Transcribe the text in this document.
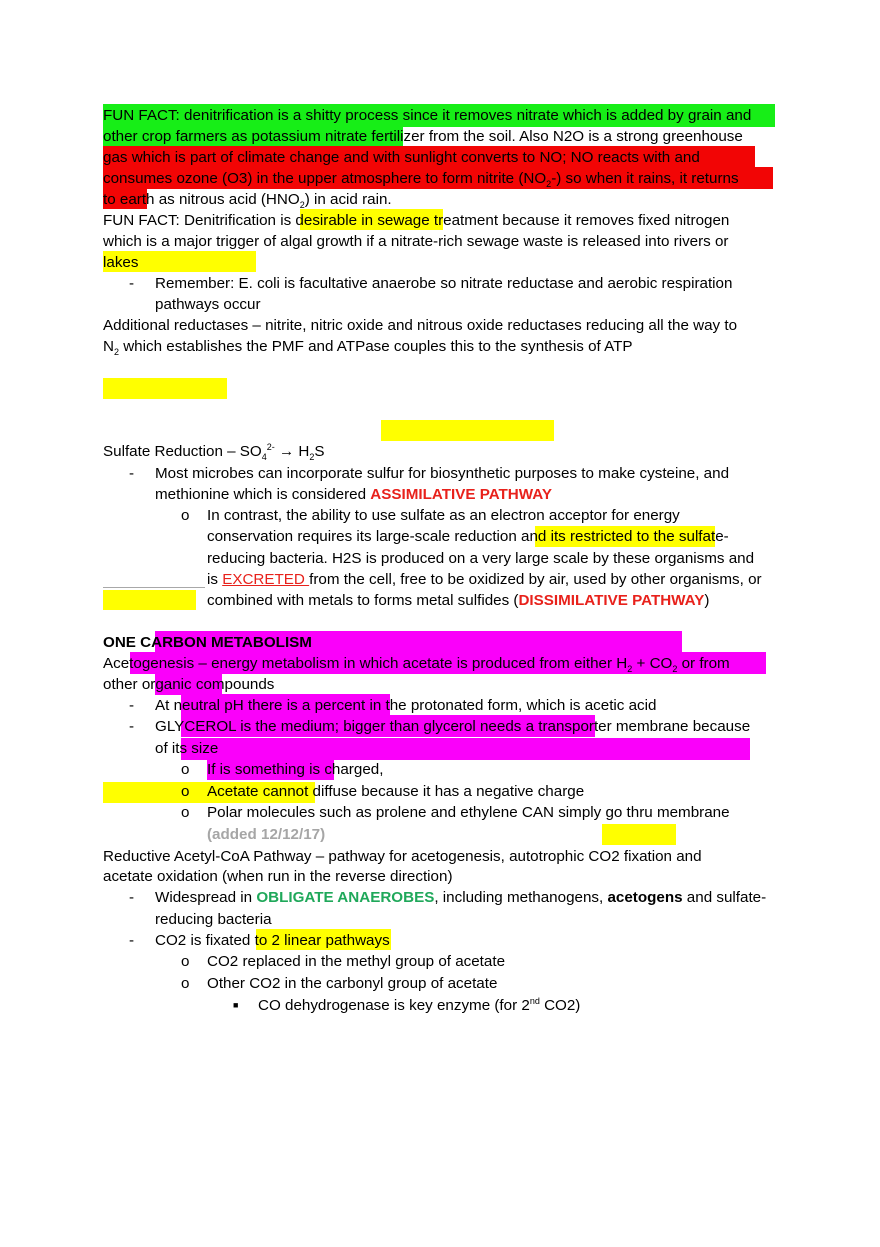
FUN FACT: denitrification is a shitty process since it removes nitrate which is added by grain and
other crop farmers as potassium nitrate fertilizer from the soil. Also N2O is a strong greenhouse
gas which is part of climate change and with sunlight converts to NO; NO reacts with and
consumes ozone (O3) in the upper atmosphere to form nitrite $(NO_2-)$ so when it rains, it returns
to earth as nitrous acid $(HNO_2)$ in acid rain.
FUN FACT: Denitrification is desirable in sewage treatment because it removes fixed nitrogen
which is a major trigger of algal growth if a nitrate-rich sewage waste is released into rivers or
lakes
- Remember: E. coli is facultative anaerobe so nitrate reductase and aerobic respiration
pathways occur
Additional reductases – nitrite, nitric oxide and nitrous oxide reductases reducing all the way to
$N_2$ which establishes the PMF and ATPase couples this to the synthesis of ATP
Sulfate Reduction – $SO_4^{2-} \to H_2S$
- Most microbes can incorporate sulfur for biosynthetic purposes to make cysteine, and
methionine which is considered ASSIMILATIVE PATHWAY
o In contrast, the ability to use sulfate as an electron acceptor for energy
conservation requires its large-scale reduction and its restricted to the sulfate-
reducing bacteria. H2S is produced on a very large scale by these organisms and
is EXCRETED from the cell, free to be oxidized by air, used by other organisms, or
combined with metals to forms metal sulfides (DISSIMILATIVE PATHWAY)
ONE CARBON METABOLISM
Acetogenesis – energy metabolism in which acetate is produced from either $H_2 + CO_2$ or from
other organic compounds
- At neutral pH there is a percent in the protonated form, which is acetic acid
- GLYCEROL is the medium; bigger than glycerol needs a transporter membrane because
of its size
o If is something is charged,
o Acetate cannot diffuse because it has a negative charge
o Polar molecules such as prolene and ethylene CAN simply go thru membrane
(added 12/12/17)
Reductive Acetyl-CoA Pathway – pathway for acetogenesis, autotrophic CO2 fixation and
acetate oxidation (when run in the reverse direction)
- Widespread in OBLIGATE ANAEROBES, including methanogens, acetogens and sulfate-
reducing bacteria
- CO2 is fixated to 2 linear pathways
o CO2 replaced in the methyl group of acetate
o Other CO2 in the carbonyl group of acetate
■ CO dehydrogenase is key enzyme (for 2nd CO2)
